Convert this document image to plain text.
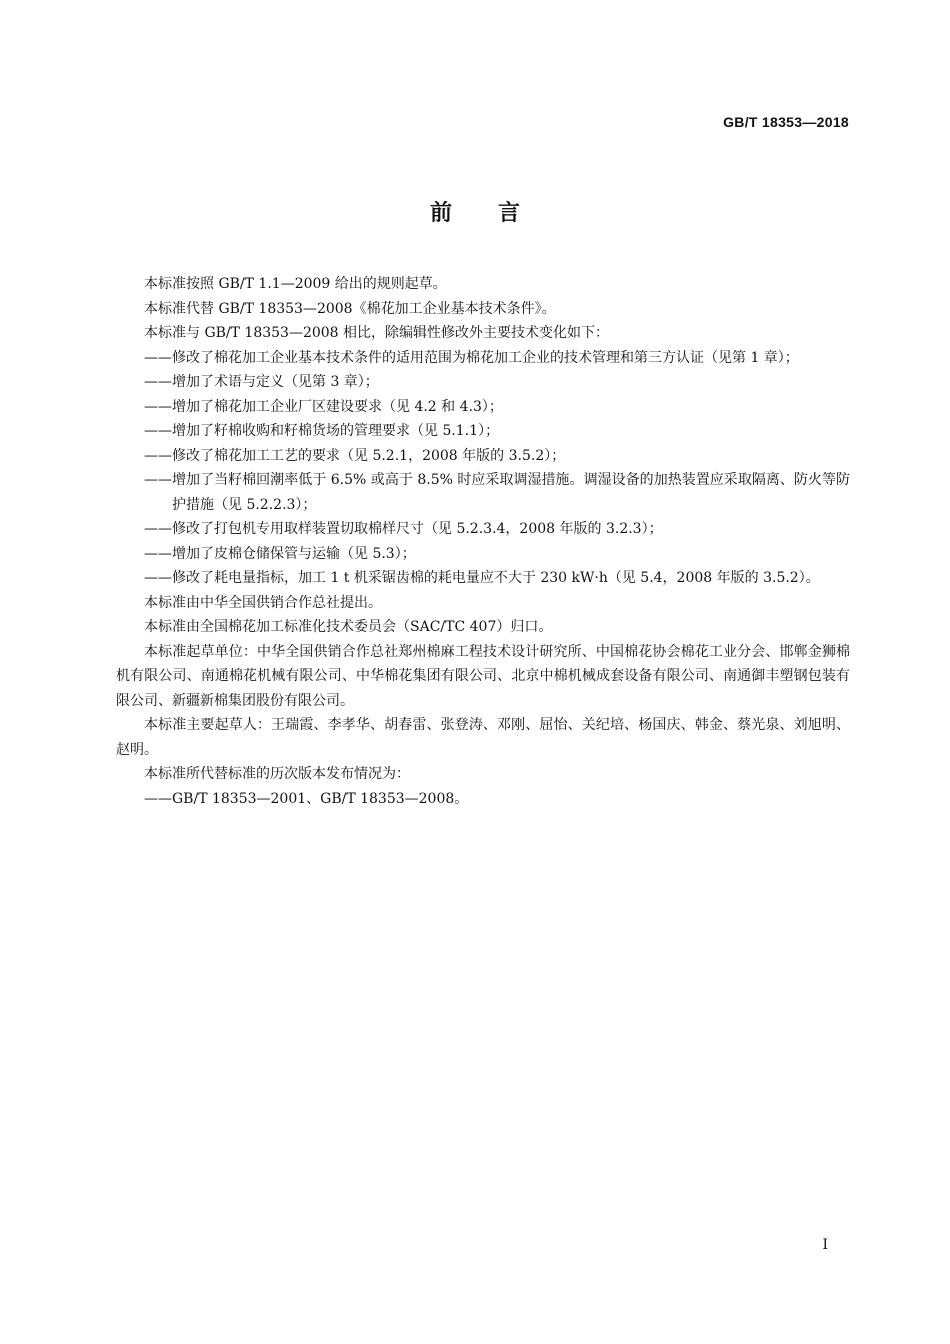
GB/T 18353—2018
前言

本标准按照 GB/T 1.1—2009 给出的规则起草。

本标准代替 GB/T 18353—2008《棉花加工企业基本技术条件》。

本标准与 GB/T 18353—2008 相比，除编辑性修改外主要技术变化如下：

——修改了棉花加工企业基本技术条件的适用范围为棉花加工企业的技术管理和第三方认证（见第 1 章）；

——增加了术语与定义（见第 3 章）；

——增加了棉花加工企业厂区建设要求（见 4.2 和 4.3）；

——增加了籽棉收购和籽棉货场的管理要求（见 5.1.1）；

——修改了棉花加工工艺的要求（见 5.2.1，2008 年版的 3.5.2）；

——增加了当籽棉回潮率低于 6.5% 或高于 8.5% 时应采取调湿措施。调湿设备的加热装置应采取隔离、防火等防护措施（见 5.2.2.3）；

——修改了打包机专用取样装置切取棉样尺寸（见 5.2.3.4，2008 年版的 3.2.3）；

——增加了皮棉仓储保管与运输（见 5.3）；

——修改了耗电量指标，加工 1 t 机采锯齿棉的耗电量应不大于 230 kW·h（见 5.4，2008 年版的 3.5.2）。

本标准由中华全国供销合作总社提出。

本标准由全国棉花加工标准化技术委员会（SAC/TC 407）归口。

本标准起草单位：中华全国供销合作总社郑州棉麻工程技术设计研究所、中国棉花协会棉花工业分会、邯郸金狮棉机有限公司、南通棉花机械有限公司、中华棉花集团有限公司、北京中棉机械成套设备有限公司、南通御丰塑钢包装有限公司、新疆新棉集团股份有限公司。

本标准主要起草人：王瑞霞、李孝华、胡春雷、张登涛、邓刚、屈怡、关纪培、杨国庆、韩金、蔡光泉、刘旭明、赵明。

本标准所代替标准的历次版本发布情况为：

——GB/T 18353—2001、GB/T 18353—2008。

I
